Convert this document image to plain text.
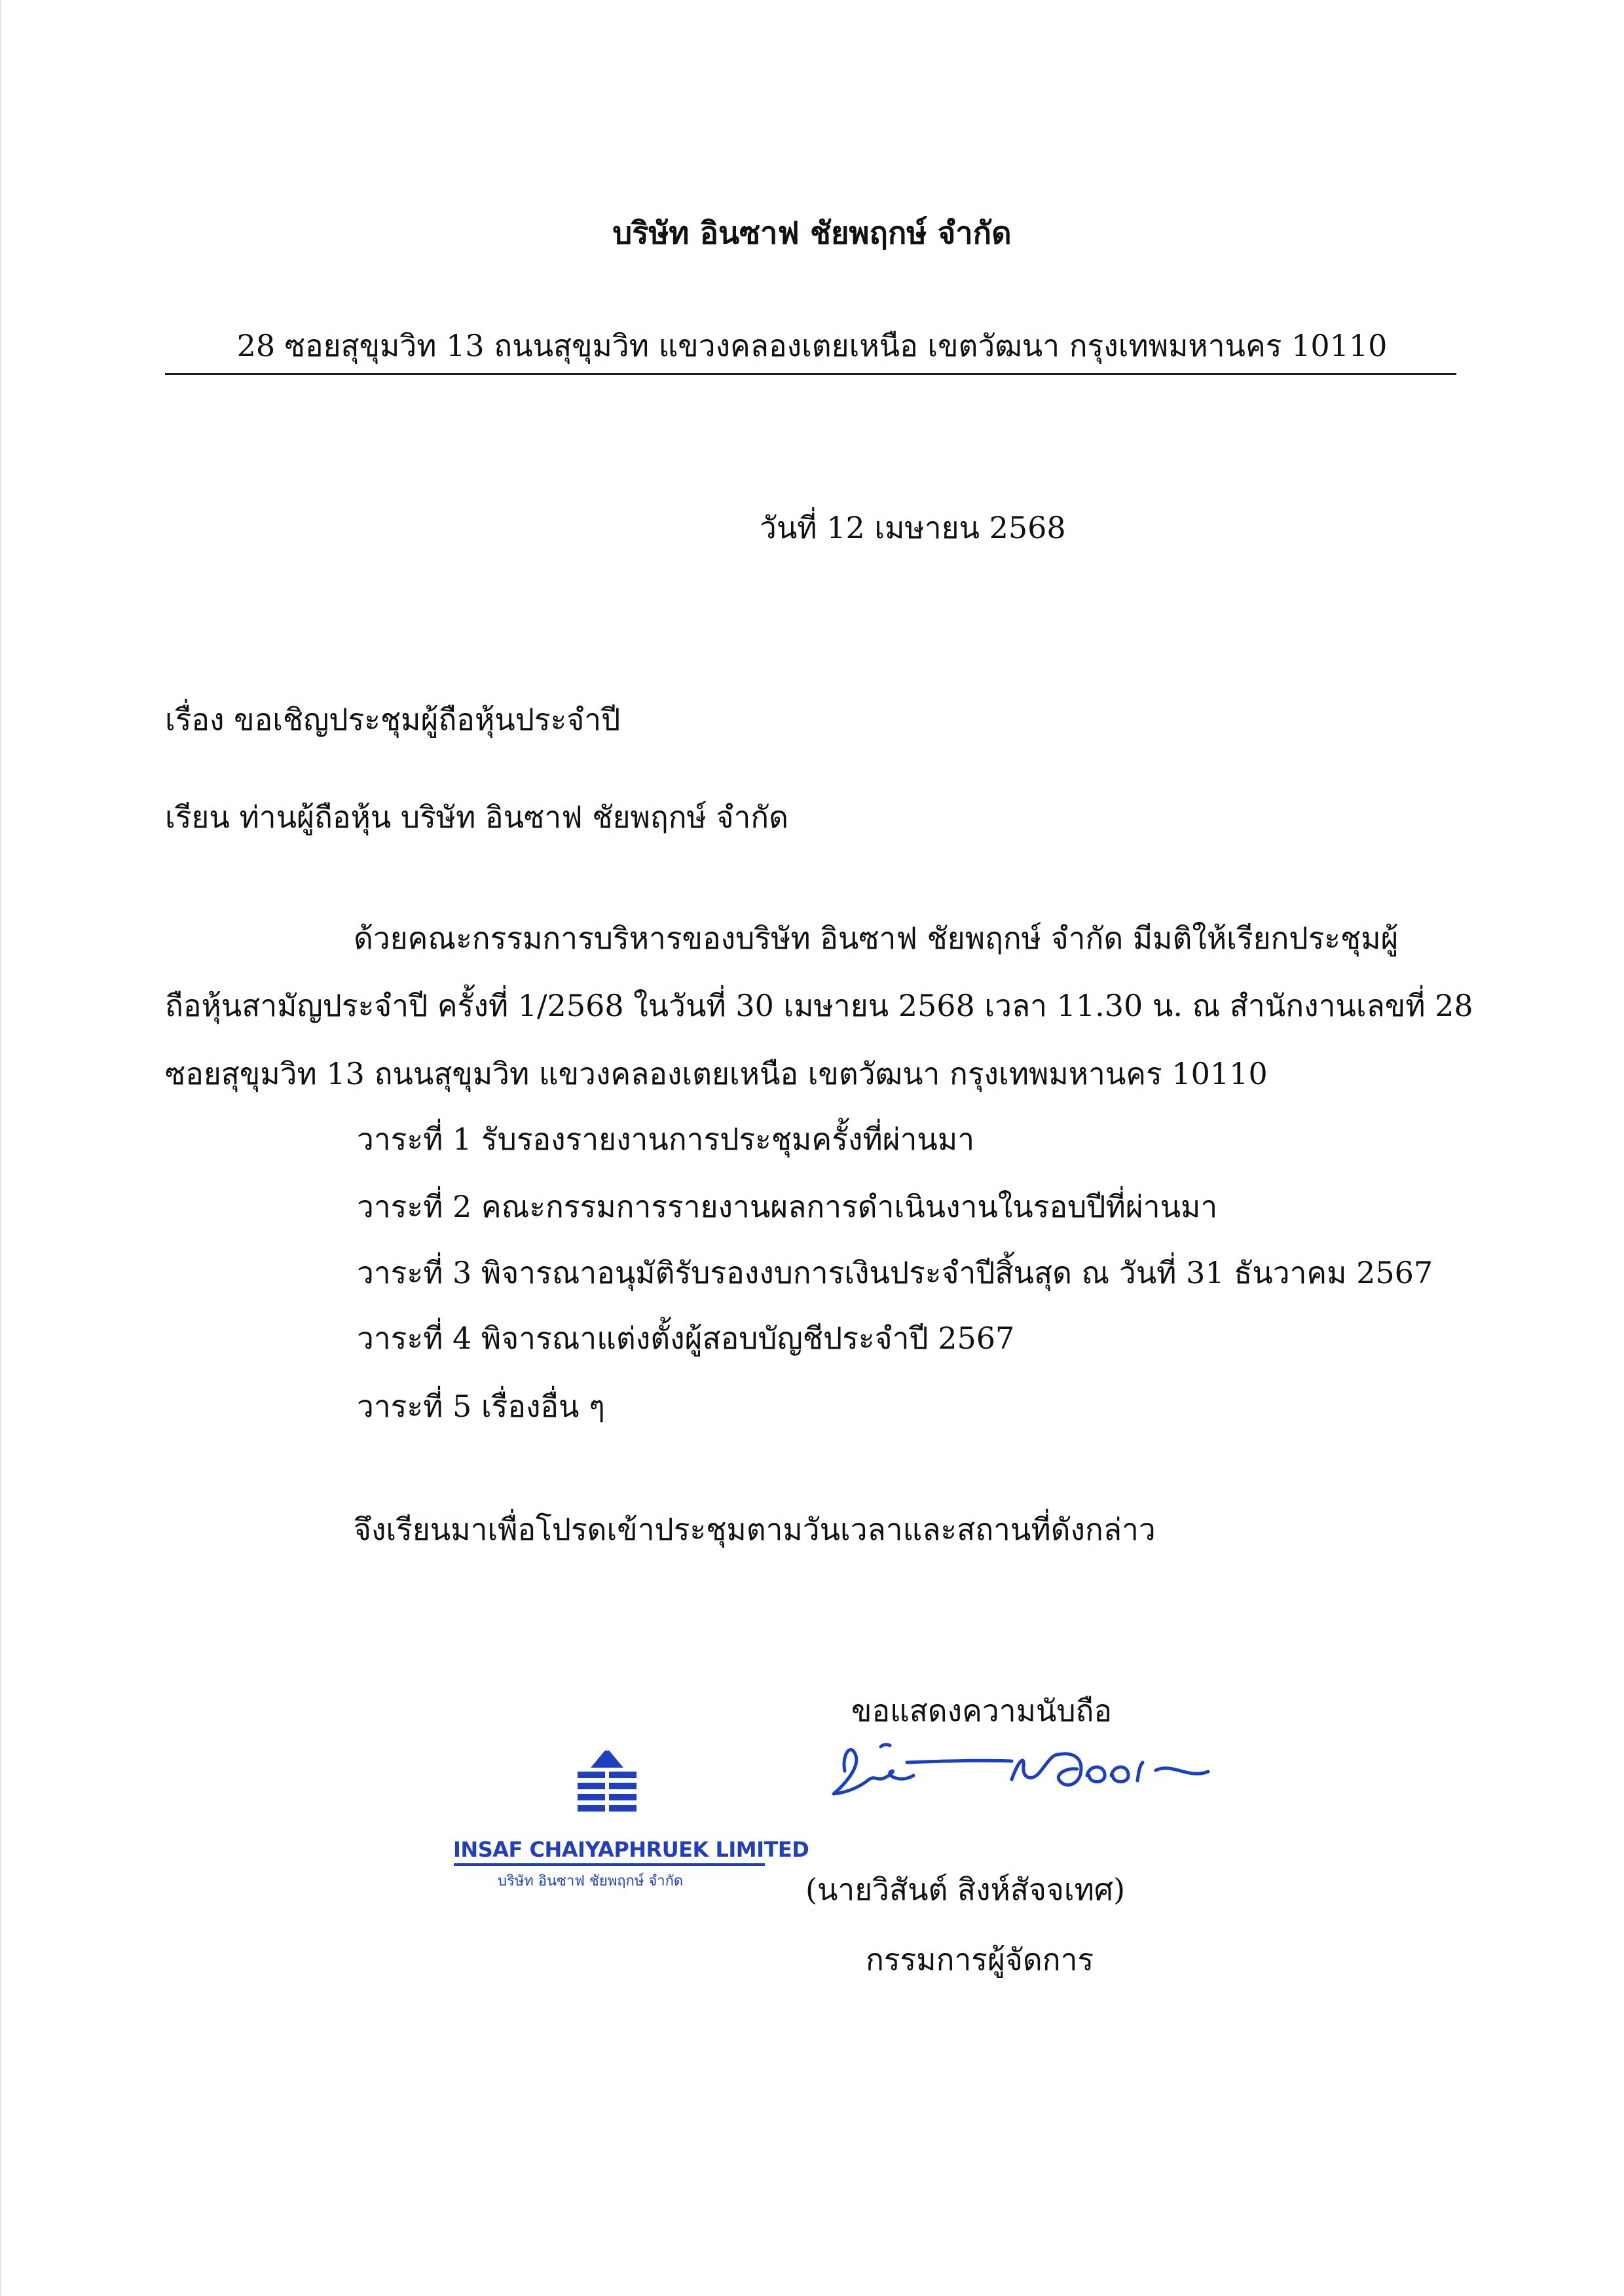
บริษัท อินซาฟ ชัยพฤกษ์ จำกัด
28 ซอยสุขุมวิท 13 ถนนสุขุมวิท แขวงคลองเตยเหนือ เขตวัฒนา กรุงเทพมหานคร 10110
วันที่ 12 เมษายน 2568
เรื่อง ขอเชิญประชุมผู้ถือหุ้นประจำปี
เรียน ท่านผู้ถือหุ้น บริษัท อินซาฟ ชัยพฤกษ์ จำกัด
ด้วยคณะกรรมการบริหารของบริษัท อินซาฟ ชัยพฤกษ์ จำกัด มีมติให้เรียกประชุมผู้
ถือหุ้นสามัญประจำปี ครั้งที่ 1/2568 ในวันที่ 30 เมษายน 2568 เวลา 11.30 น. ณ สำนักงานเลขที่ 28
ซอยสุขุมวิท 13 ถนนสุขุมวิท แขวงคลองเตยเหนือ เขตวัฒนา กรุงเทพมหานคร 10110
วาระที่ 1 รับรองรายงานการประชุมครั้งที่ผ่านมา
วาระที่ 2 คณะกรรมการรายงานผลการดำเนินงานในรอบปีที่ผ่านมา
วาระที่ 3 พิจารณาอนุมัติรับรองงบการเงินประจำปีสิ้นสุด ณ วันที่ 31 ธันวาคม 2567
วาระที่ 4 พิจารณาแต่งตั้งผู้สอบบัญชีประจำปี 2567
วาระที่ 5 เรื่องอื่น ๆ
จึงเรียนมาเพื่อโปรดเข้าประชุมตามวันเวลาและสถานที่ดังกล่าว
ขอแสดงความนับถือ
INSAF CHAIYAPHRUEK LIMITED
บริษัท อินซาฟ ชัยพฤกษ์ จำกัด	(นายวิสันต์ สิงห์สัจจเทศ)
กรรมการผู้จัดการ
